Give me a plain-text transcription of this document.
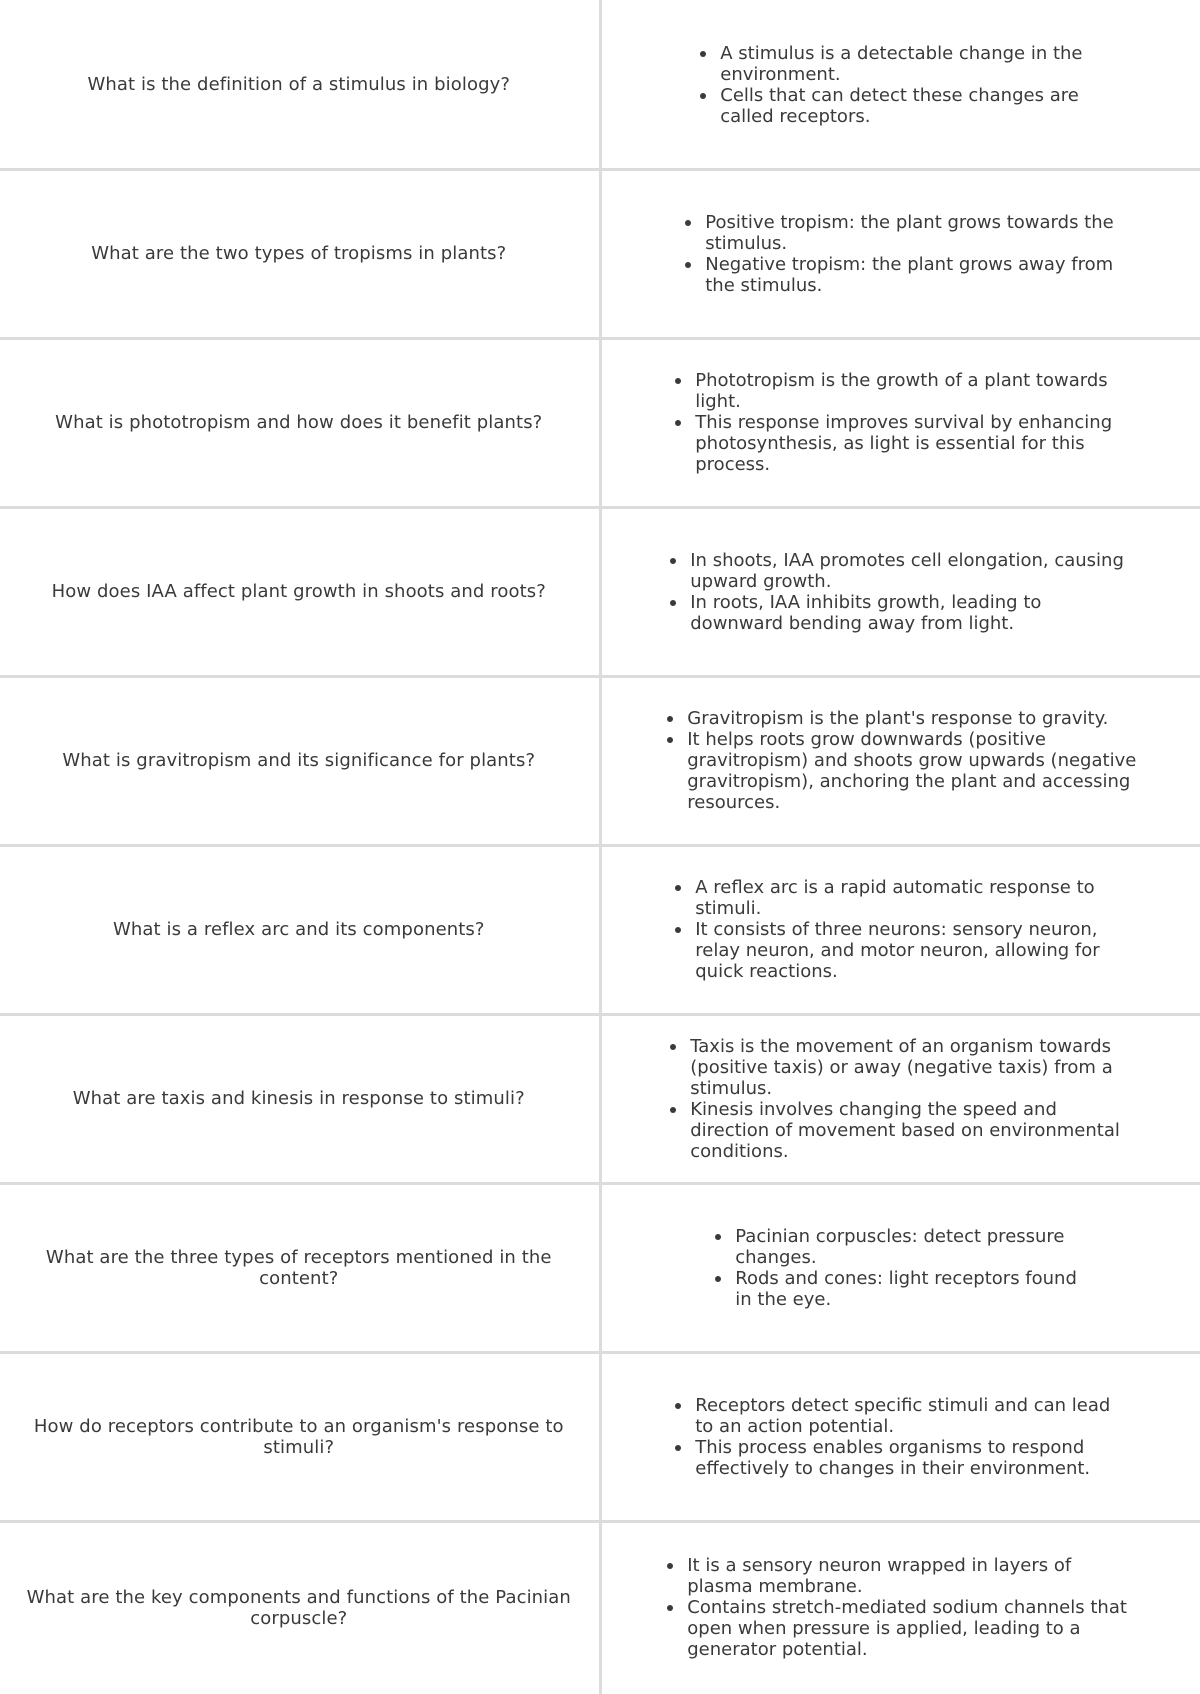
What is the definition of a stimulus in biology?
A stimulus is a detectable change in the environment.
Cells that can detect these changes are called receptors.
What are the two types of tropisms in plants?
Positive tropism: the plant grows towards the stimulus.
Negative tropism: the plant grows away from the stimulus.
What is phototropism and how does it benefit plants?
Phototropism is the growth of a plant towards light.
This response improves survival by enhancing photosynthesis, as light is essential for this process.
How does IAA affect plant growth in shoots and roots?
In shoots, IAA promotes cell elongation, causing upward growth.
In roots, IAA inhibits growth, leading to downward bending away from light.
What is gravitropism and its significance for plants?
Gravitropism is the plant's response to gravity.
It helps roots grow downwards (positive gravitropism) and shoots grow upwards (negative gravitropism), anchoring the plant and accessing resources.
What is a reflex arc and its components?
A reflex arc is a rapid automatic response to stimuli.
It consists of three neurons: sensory neuron, relay neuron, and motor neuron, allowing for quick reactions.
What are taxis and kinesis in response to stimuli?
Taxis is the movement of an organism towards (positive taxis) or away (negative taxis) from a stimulus.
Kinesis involves changing the speed and direction of movement based on environmental conditions.
What are the three types of receptors mentioned in the content?
Pacinian corpuscles: detect pressure changes.
Rods and cones: light receptors found in the eye.
How do receptors contribute to an organism's response to stimuli?
Receptors detect specific stimuli and can lead to an action potential.
This process enables organisms to respond effectively to changes in their environment.
What are the key components and functions of the Pacinian corpuscle?
It is a sensory neuron wrapped in layers of plasma membrane.
Contains stretch-mediated sodium channels that open when pressure is applied, leading to a generator potential.
